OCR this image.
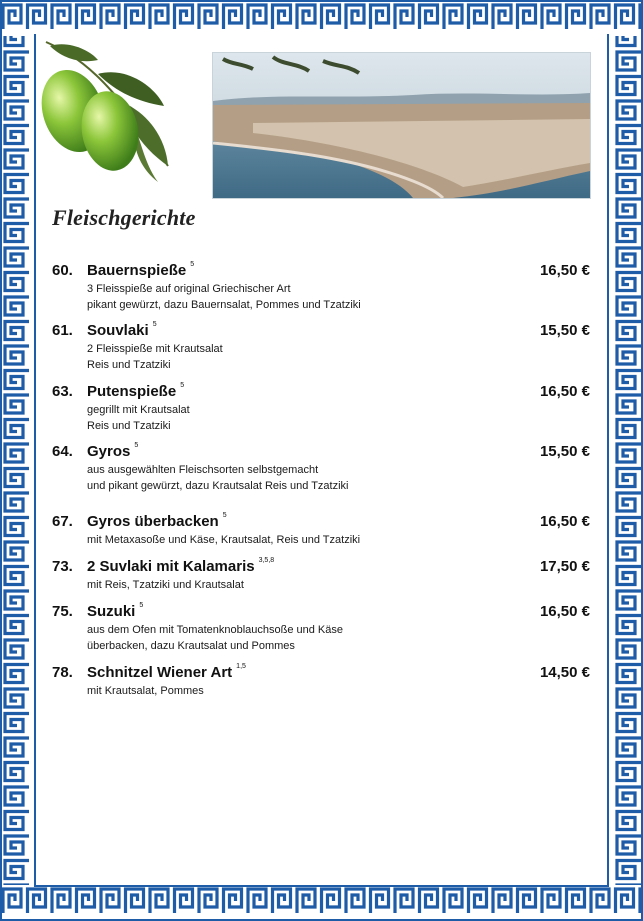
Fleischgerichte
60. Bauernspieße $^5$	16,50 €
3 Fleisspieße auf original Griechischer Art
pikant gewürzt, dazu Bauernsalat, Pommes und Tzatziki
61. Souvlaki $^5$	15,50 €
2 Fleisspieße mit Krautsalat
Reis und Tzatziki
63. Putenspieße $^5$	16,50 €
gegrillt mit Krautsalat
Reis und Tzatziki
64. Gyros $^5$	15,50 €
aus ausgewählten Fleischsorten selbstgemacht
und pikant gewürzt, dazu Krautsalat Reis und Tzatziki
67. Gyros überbacken $^5$	16,50 €
mit Metaxasoße und Käse, Krautsalat, Reis und Tzatziki
73. 2 Suvlaki mit Kalamaris $^{3,5,8}$	17,50 €
mit Reis, Tzatziki und Krautsalat
75. Suzuki $^5$	16,50 €
aus dem Ofen mit Tomatenknoblauchsoße und Käse
überbacken, dazu Krautsalat und Pommes
78. Schnitzel Wiener Art $^{1,5}$	14,50 €
mit Krautsalat, Pommes
